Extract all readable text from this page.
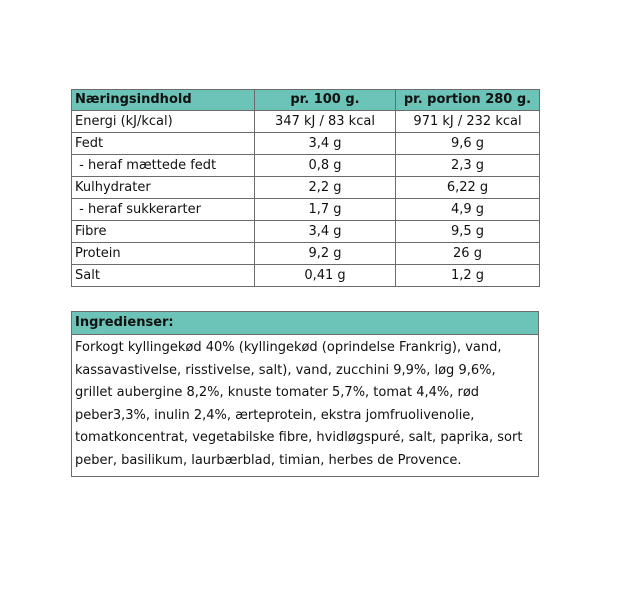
Næringsindhold	pr. 100 g.	pr. portion 280 g.
Energi (kJ/kcal)	347 kJ / 83 kcal	971 kJ / 232 kcal
Fedt	3,4 g	9,6 g
- heraf mættede fedt	0,8 g	2,3 g
Kulhydrater	2,2 g	6,22 g
- heraf sukkerarter	1,7 g	4,9 g
Fibre	3,4 g	9,5 g
Protein	9,2 g	26 g
Salt	0,41 g	1,2 g
Ingredienser:
Forkogt kyllingekød 40% (kyllingekød (oprindelse Frankrig), vand, kassavastivelse, risstivelse, salt), vand, zucchini 9,9%, løg 9,6%, grillet aubergine 8,2%, knuste tomater 5,7%, tomat 4,4%, rød peber3,3%, inulin 2,4%, ærteprotein, ekstra jomfruolivenolie, tomatkoncentrat, vegetabilske fibre, hvidløgspuré, salt, paprika, sort peber, basilikum, laurbærblad, timian, herbes de Provence.
